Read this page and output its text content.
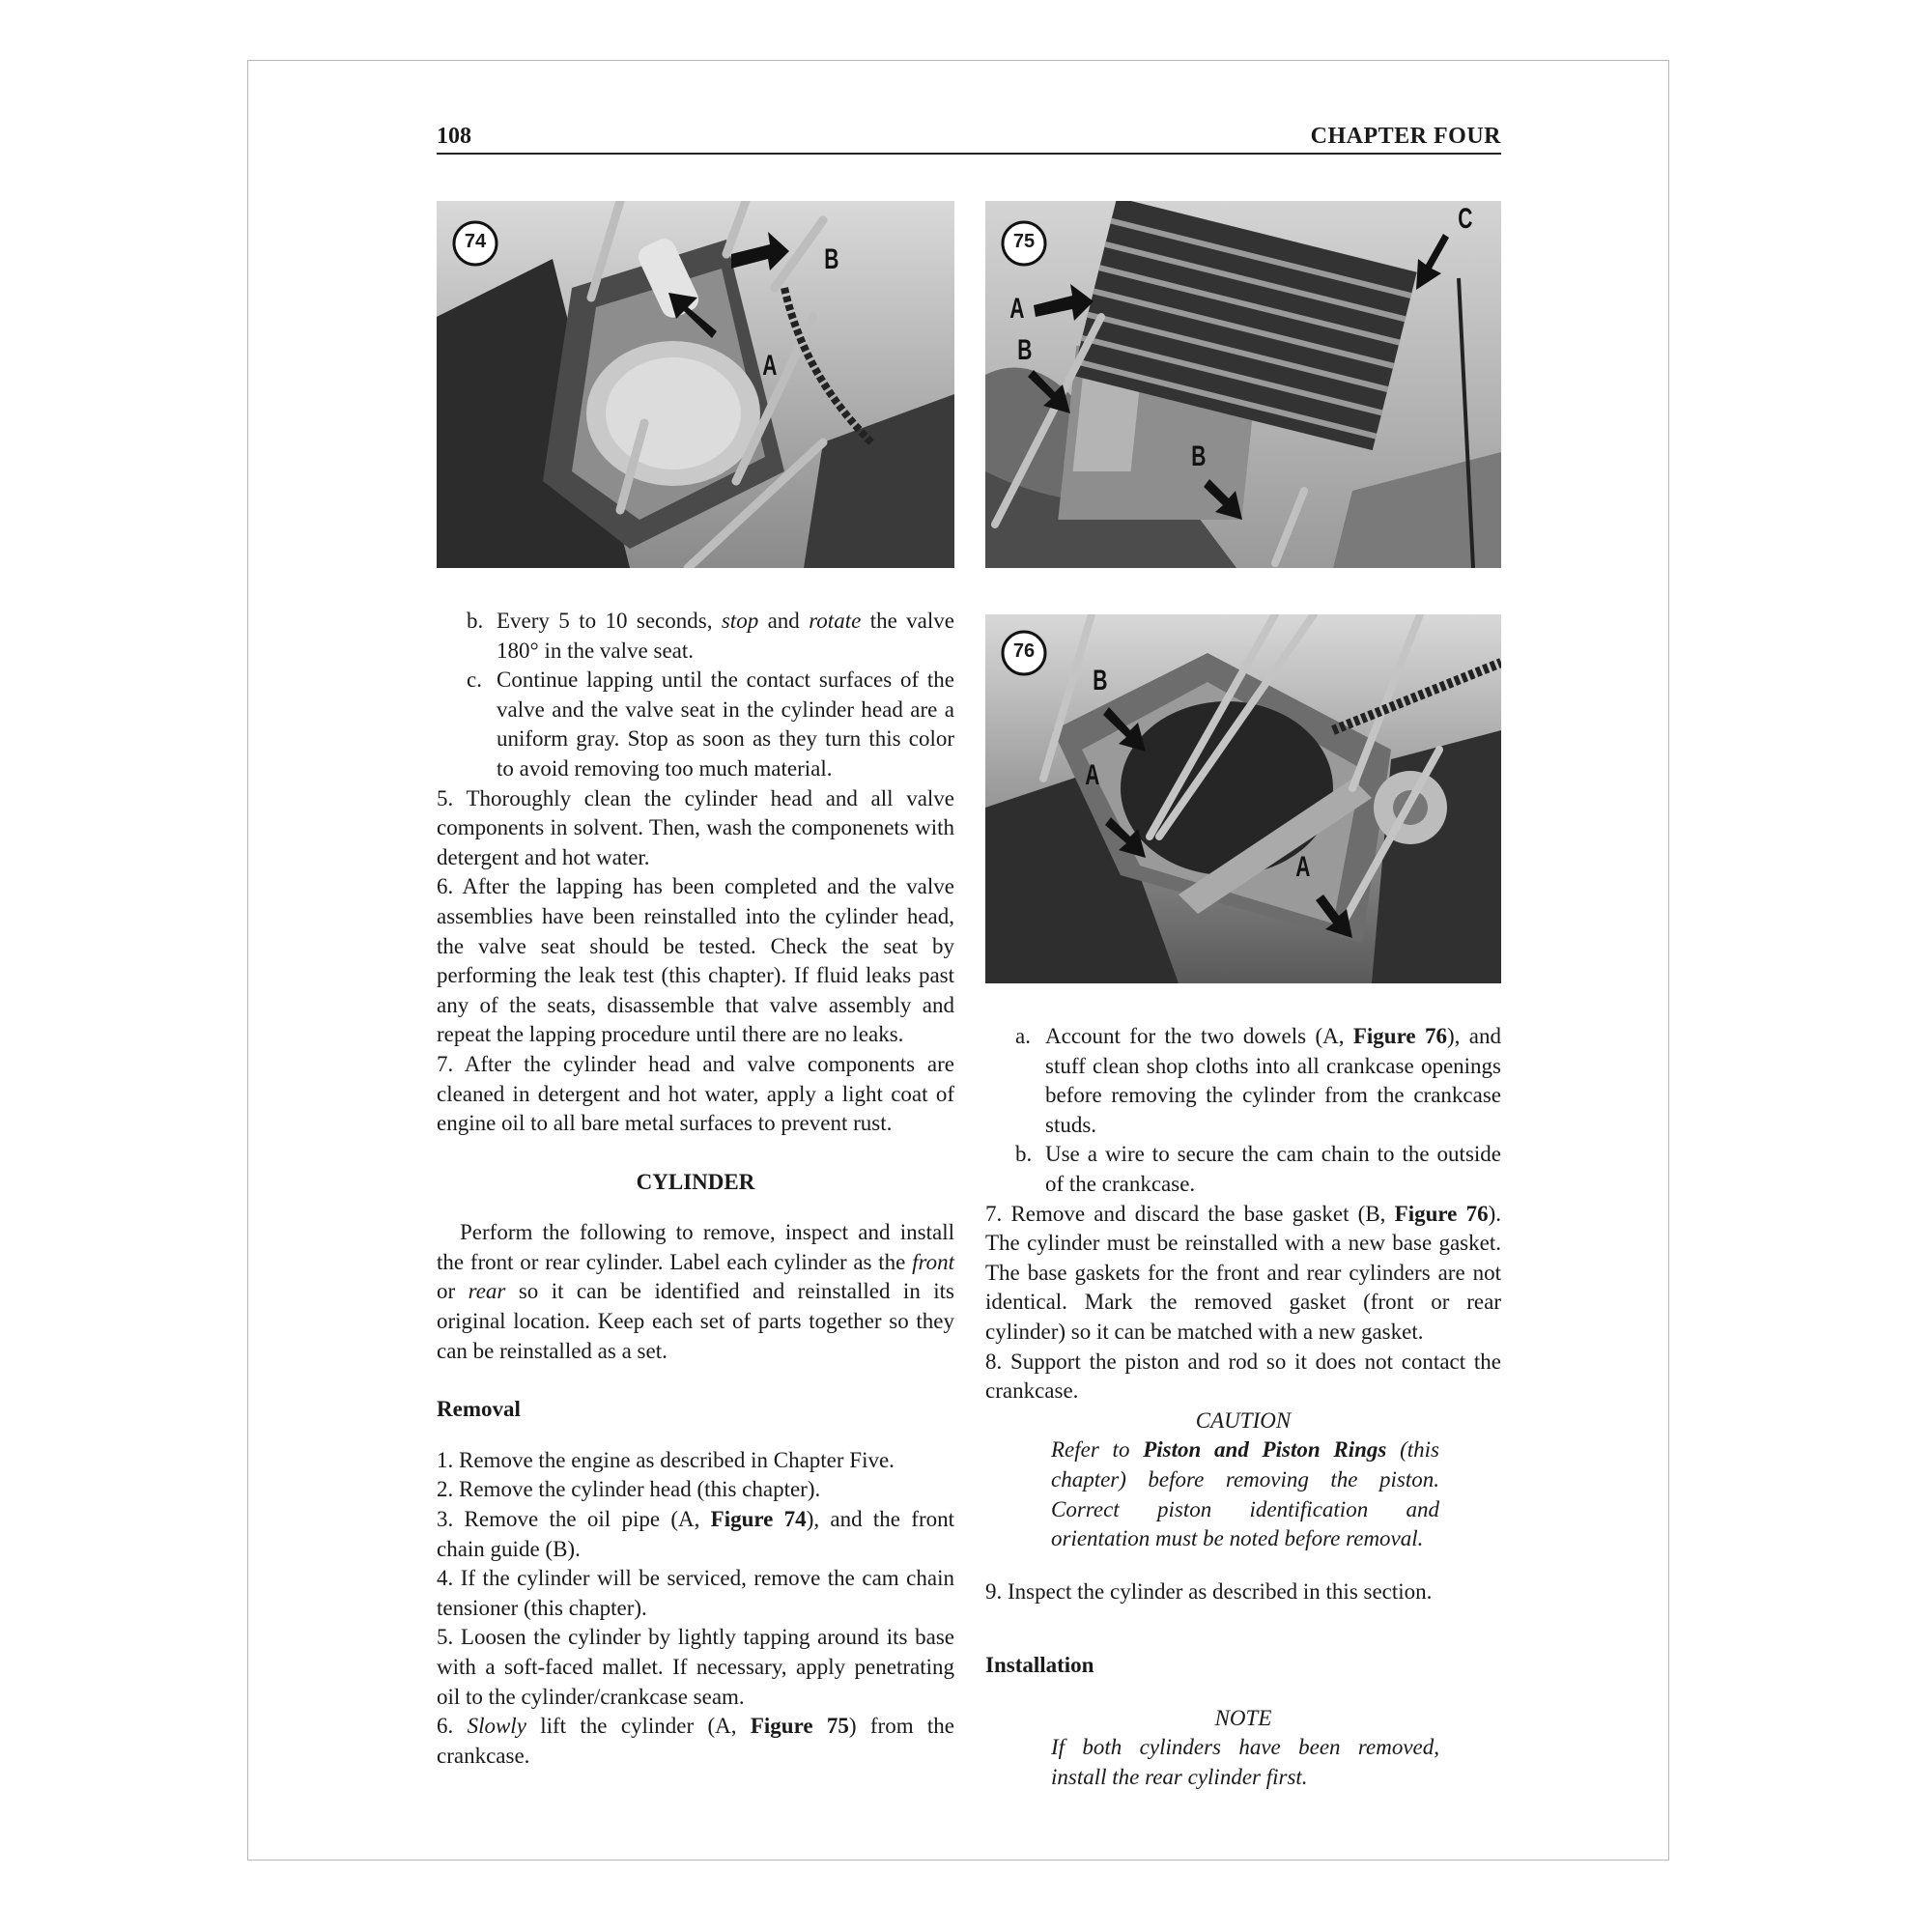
108	CHAPTER FOUR
74
A
B
75
A
B
B
C
76
A
A
B

b. Every 5 to 10 seconds, stop and rotate the valve 180° in the valve seat.

c. Continue lapping until the contact surfaces of the valve and the valve seat in the cylinder head are a uniform gray. Stop as soon as they turn this color to avoid removing too much material.

5. Thoroughly clean the cylinder head and all valve components in solvent. Then, wash the componenets with detergent and hot water.

6. After the lapping has been completed and the valve assemblies have been reinstalled into the cylinder head, the valve seat should be tested. Check the seat by performing the leak test (this chapter). If fluid leaks past any of the seats, disassemble that valve assembly and repeat the lapping procedure until there are no leaks.

7. After the cylinder head and valve components are cleaned in detergent and hot water, apply a light coat of engine oil to all bare metal surfaces to prevent rust.

CYLINDER

Perform the following to remove, inspect and install the front or rear cylinder. Label each cylinder as the front or rear so it can be identified and reinstalled in its original location. Keep each set of parts together so they can be reinstalled as a set.

Removal

1. Remove the engine as described in Chapter Five.

2. Remove the cylinder head (this chapter).

3. Remove the oil pipe (A, Figure 74), and the front chain guide (B).

4. If the cylinder will be serviced, remove the cam chain tensioner (this chapter).

5. Loosen the cylinder by lightly tapping around its base with a soft-faced mallet. If necessary, apply penetrating oil to the cylinder/crankcase seam.

6. Slowly lift the cylinder (A, Figure 75) from the crankcase.

a. Account for the two dowels (A, Figure 76), and stuff clean shop cloths into all crankcase openings before removing the cylinder from the crankcase studs.

b. Use a wire to secure the cam chain to the outside of the crankcase.

7. Remove and discard the base gasket (B, Figure 76). The cylinder must be reinstalled with a new base gasket. The base gaskets for the front and rear cylinders are not identical. Mark the removed gasket (front or rear cylinder) so it can be matched with a new gasket.

8. Support the piston and rod so it does not contact the crankcase.

CAUTION

Refer to Piston and Piston Rings (this chapter) before removing the piston. Correct piston identification and orientation must be noted before removal.

9. Inspect the cylinder as described in this section.

Installation

NOTE

If both cylinders have been removed, install the rear cylinder first.
